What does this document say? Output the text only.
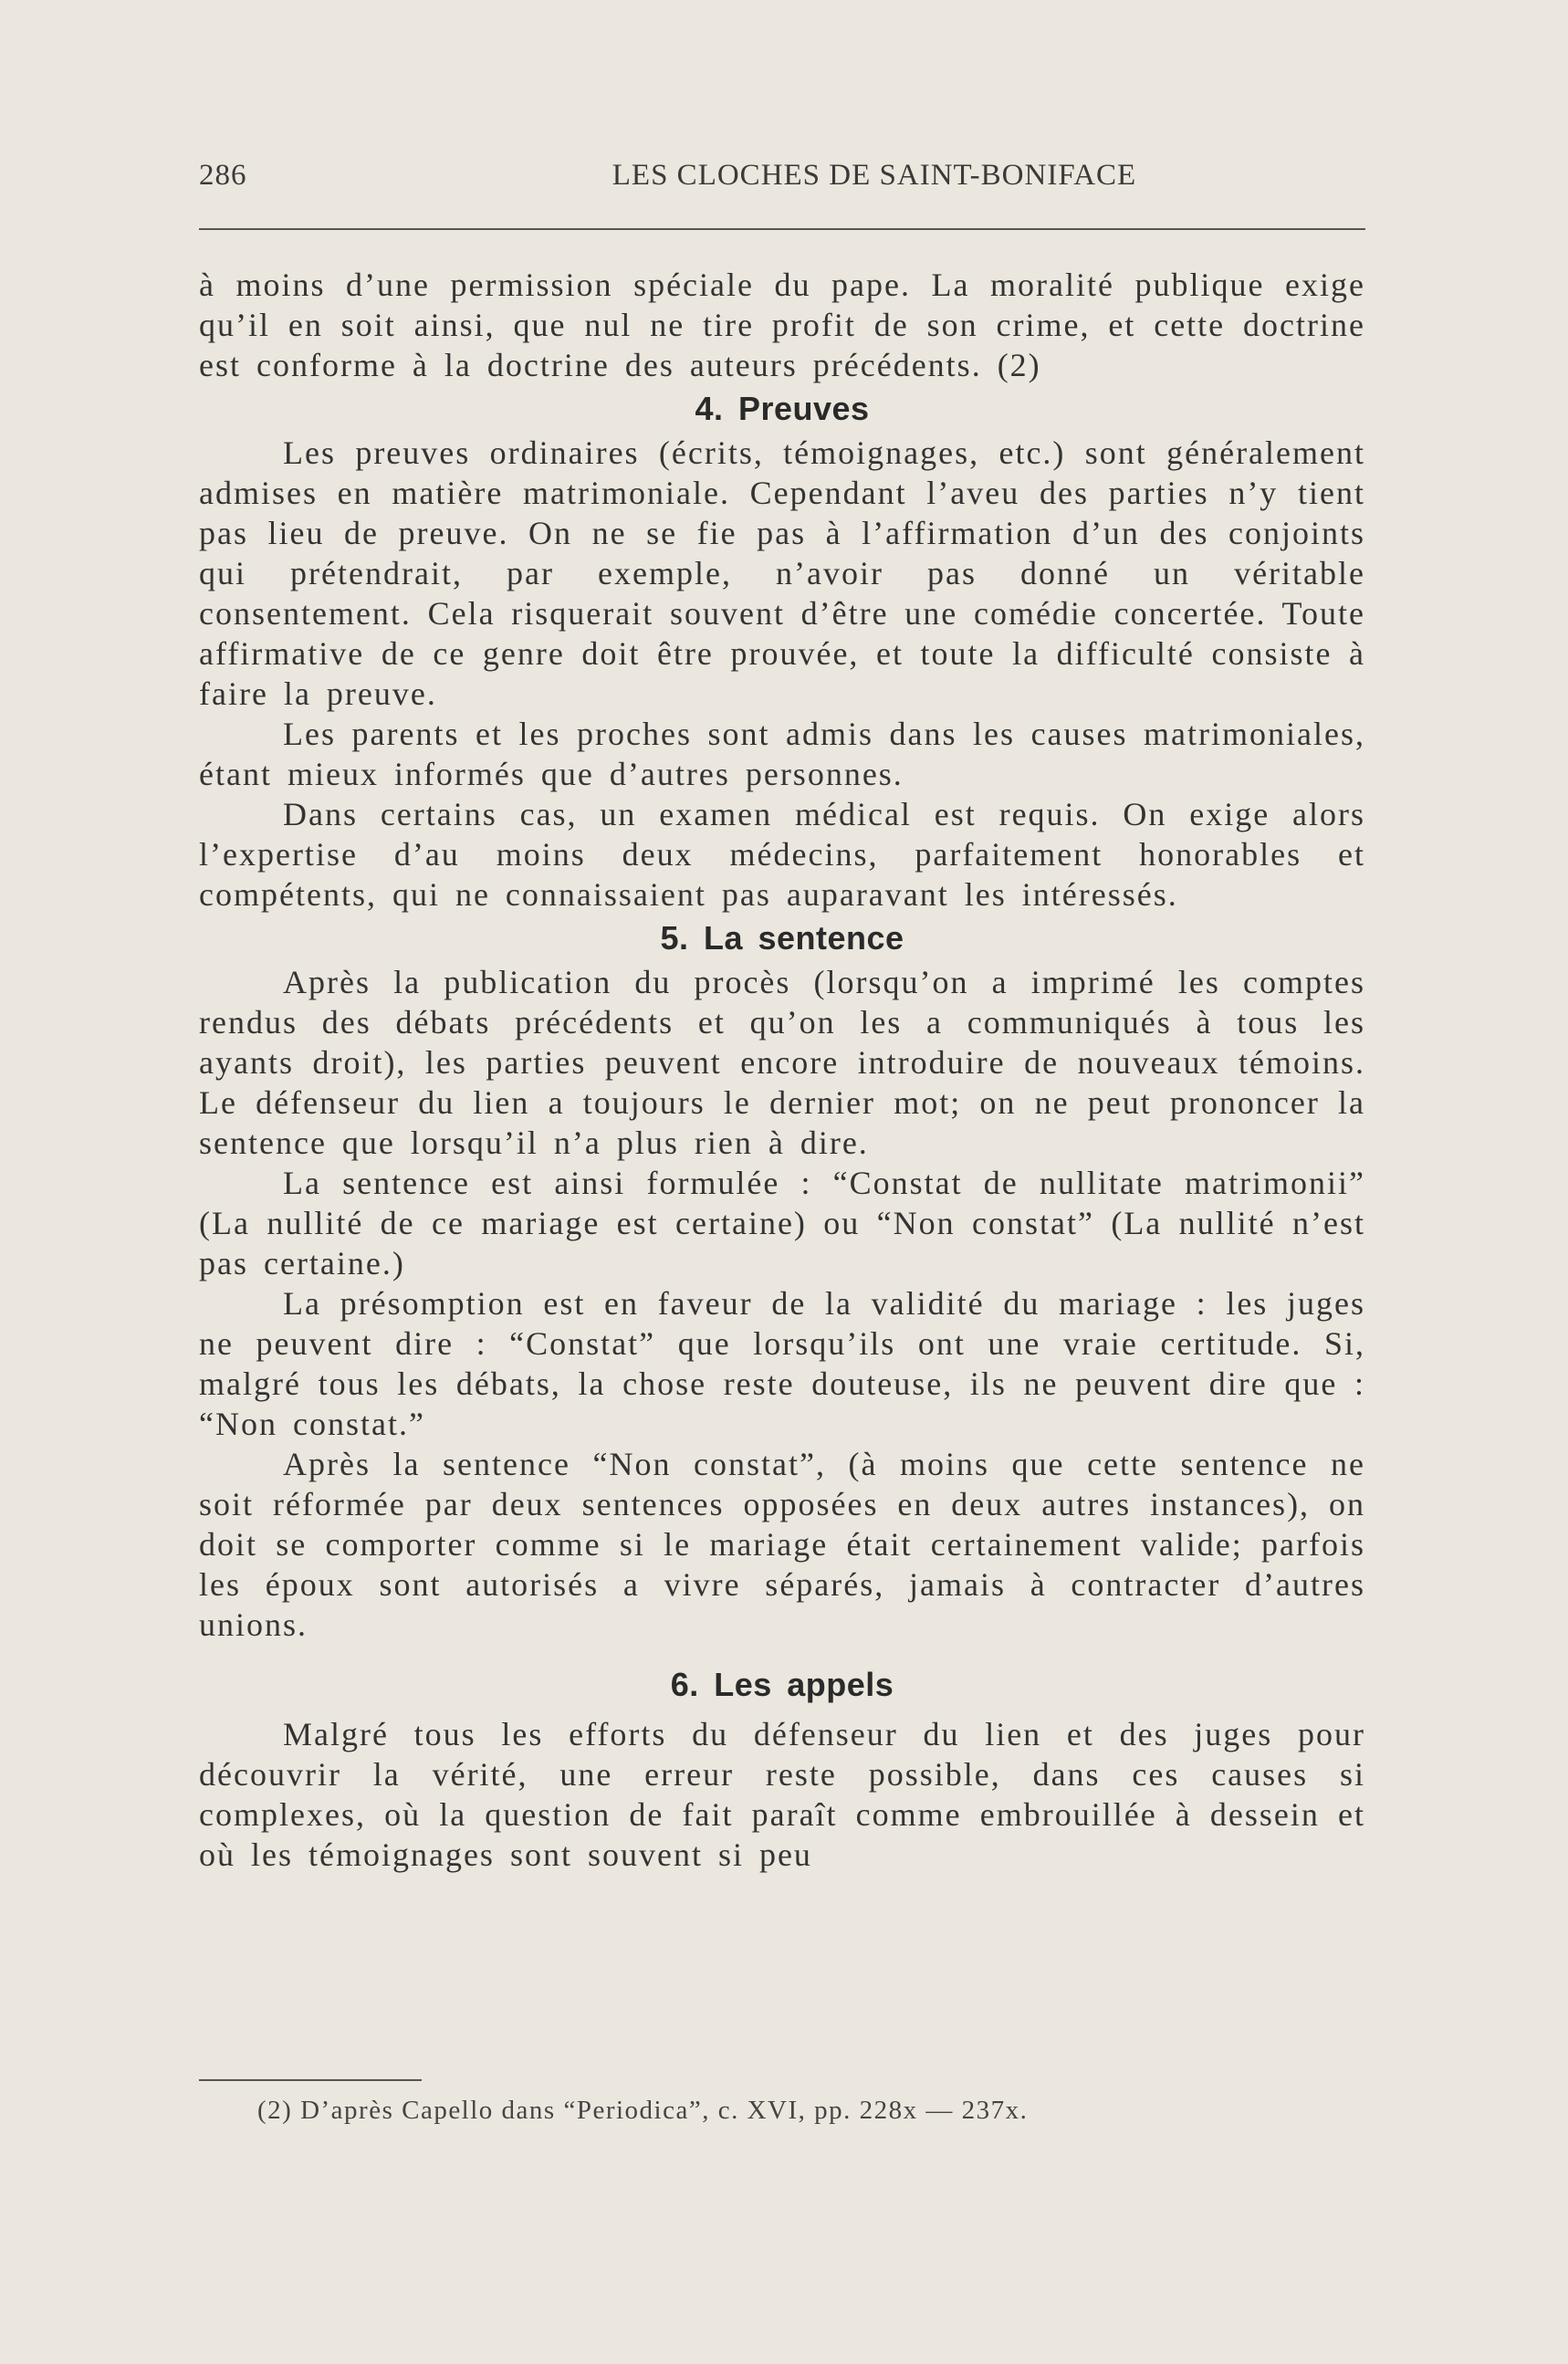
286	LES CLOCHES DE SAINT-BONIFACE

à moins d’une permission spéciale du pape. La moralité publique exige qu’il en soit ainsi, que nul ne tire profit de son crime, et cette doctrine est conforme à la doctrine des auteurs précédents. (2)

4. Preuves

Les preuves ordinaires (écrits, témoignages, etc.) sont généralement admises en matière matrimoniale. Cependant l’aveu des parties n’y tient pas lieu de preuve. On ne se fie pas à l’affirmation d’un des conjoints qui prétendrait, par exemple, n’avoir pas donné un véritable consentement. Cela risquerait souvent d’être une comédie concertée. Toute affirmative de ce genre doit être prouvée, et toute la difficulté consiste à faire la preuve.

Les parents et les proches sont admis dans les causes matrimoniales, étant mieux informés que d’autres personnes.

Dans certains cas, un examen médical est requis. On exige alors l’expertise d’au moins deux médecins, parfaitement honorables et compétents, qui ne connaissaient pas auparavant les intéressés.

5. La sentence

Après la publication du procès (lorsqu’on a imprimé les comptes rendus des débats précédents et qu’on les a communiqués à tous les ayants droit), les parties peuvent encore introduire de nouveaux témoins. Le défenseur du lien a toujours le dernier mot; on ne peut prononcer la sentence que lorsqu’il n’a plus rien à dire.

La sentence est ainsi formulée : “Constat de nullitate matrimonii” (La nullité de ce mariage est certaine) ou “Non constat” (La nullité n’est pas certaine.)

La présomption est en faveur de la validité du mariage : les juges ne peuvent dire : “Constat” que lorsqu’ils ont une vraie certitude. Si, malgré tous les débats, la chose reste douteuse, ils ne peuvent dire que : “Non constat.”

Après la sentence “Non constat”, (à moins que cette sentence ne soit réformée par deux sentences opposées en deux autres instances), on doit se comporter comme si le mariage était certainement valide; parfois les époux sont autorisés a vivre séparés, jamais à contracter d’autres unions.

6. Les appels

Malgré tous les efforts du défenseur du lien et des juges pour découvrir la vérité, une erreur reste possible, dans ces causes si complexes, où la question de fait paraît comme embrouillée à dessein et où les témoignages sont souvent si peu

(2) D’après Capello dans “Periodica”, c. XVI, pp. 228x — 237x.
